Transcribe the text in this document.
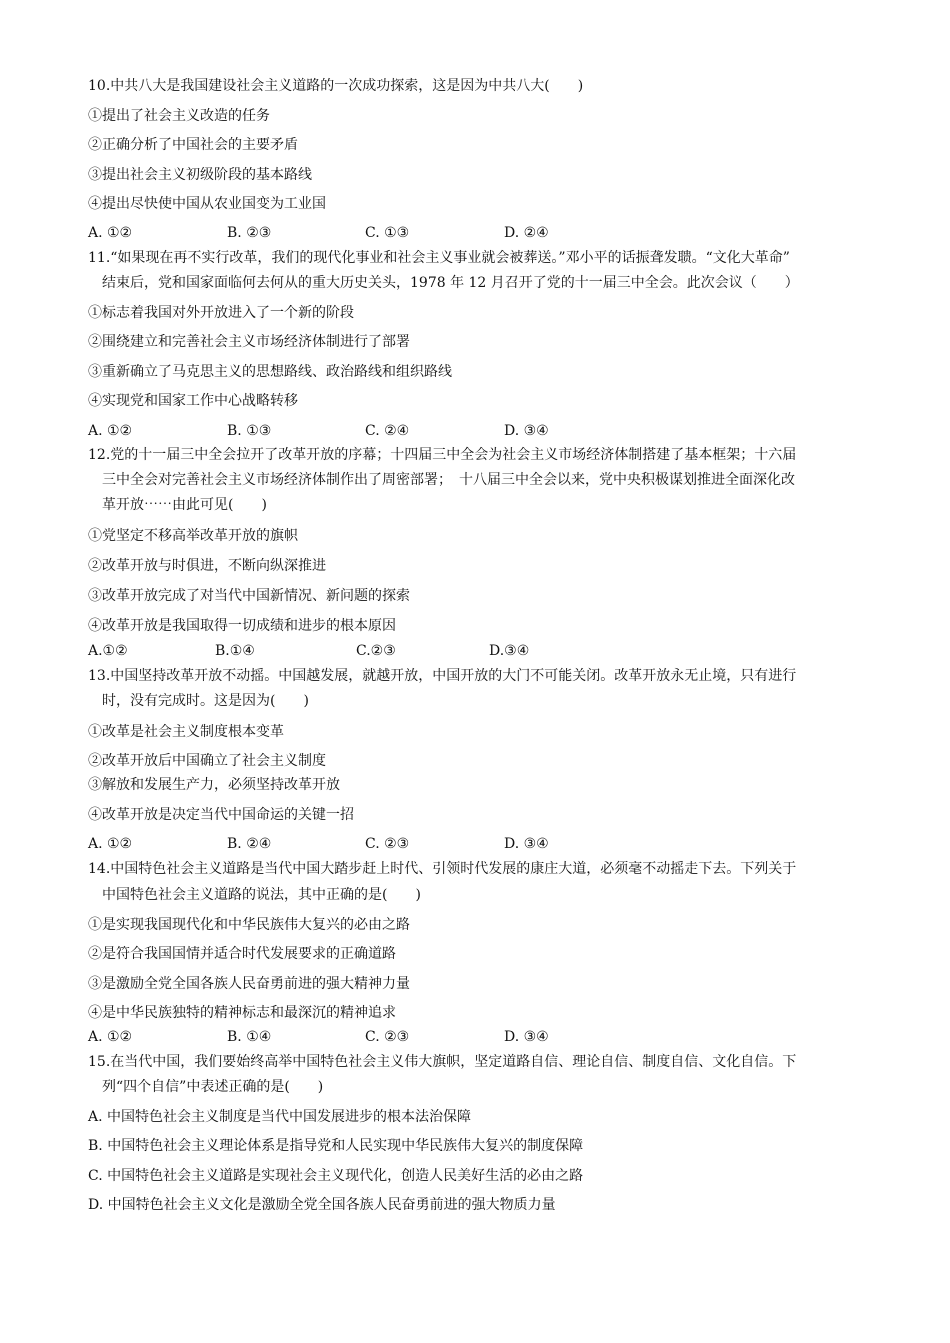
10.中共八大是我国建设社会主义道路的一次成功探索，这是因为中共八大(　　)
①提出了社会主义改造的任务
②正确分析了中国社会的主要矛盾
③提出社会主义初级阶段的基本路线
④提出尽快使中国从农业国变为工业国
A. ①②	B. ②③	C. ①③	D. ②④
11.“如果现在再不实行改革，我们的现代化事业和社会主义事业就会被葬送。”邓小平的话振聋发聩。“文化大革命”
结束后，党和国家面临何去何从的重大历史关头，1978 年 12 月召开了党的十一届三中全会。此次会议（　　）
①标志着我国对外开放进入了一个新的阶段
②围绕建立和完善社会主义市场经济体制进行了部署
③重新确立了马克思主义的思想路线、政治路线和组织路线
④实现党和国家工作中心战略转移
A. ①②	B. ①③	C. ②④	D. ③④
12.党的十一届三中全会拉开了改革开放的序幕；十四届三中全会为社会主义市场经济体制搭建了基本框架；十六届
三中全会对完善社会主义市场经济体制作出了周密部署；　十八届三中全会以来，党中央积极谋划推进全面深化改
革开放⋯⋯由此可见(　　)
①党坚定不移高举改革开放的旗帜
②改革开放与时俱进，不断向纵深推进
③改革开放完成了对当代中国新情况、新问题的探索
④改革开放是我国取得一切成绩和进步的根本原因
A.①②	B.①④	C.②③	D.③④
13.中国坚持改革开放不动摇。中国越发展，就越开放，中国开放的大门不可能关闭。改革开放永无止境，只有进行
时，没有完成时。这是因为(　　)
①改革是社会主义制度根本变革
②改革开放后中国确立了社会主义制度
③解放和发展生产力，必须坚持改革开放
④改革开放是决定当代中国命运的关键一招
A. ①②	B. ②④	C. ②③	D. ③④
14.中国特色社会主义道路是当代中国大踏步赶上时代、引领时代发展的康庄大道，必须毫不动摇走下去。下列关于
中国特色社会主义道路的说法，其中正确的是(　　)
①是实现我国现代化和中华民族伟大复兴的必由之路
②是符合我国国情并适合时代发展要求的正确道路
③是激励全党全国各族人民奋勇前进的强大精神力量
④是中华民族独特的精神标志和最深沉的精神追求
A. ①②	B. ①④	C. ②③	D. ③④
15.在当代中国，我们要始终高举中国特色社会主义伟大旗帜，坚定道路自信、理论自信、制度自信、文化自信。下
列“四个自信”中表述正确的是(　　)
A. 中国特色社会主义制度是当代中国发展进步的根本法治保障
B. 中国特色社会主义理论体系是指导党和人民实现中华民族伟大复兴的制度保障
C. 中国特色社会主义道路是实现社会主义现代化，创造人民美好生活的必由之路
D. 中国特色社会主义文化是激励全党全国各族人民奋勇前进的强大物质力量
